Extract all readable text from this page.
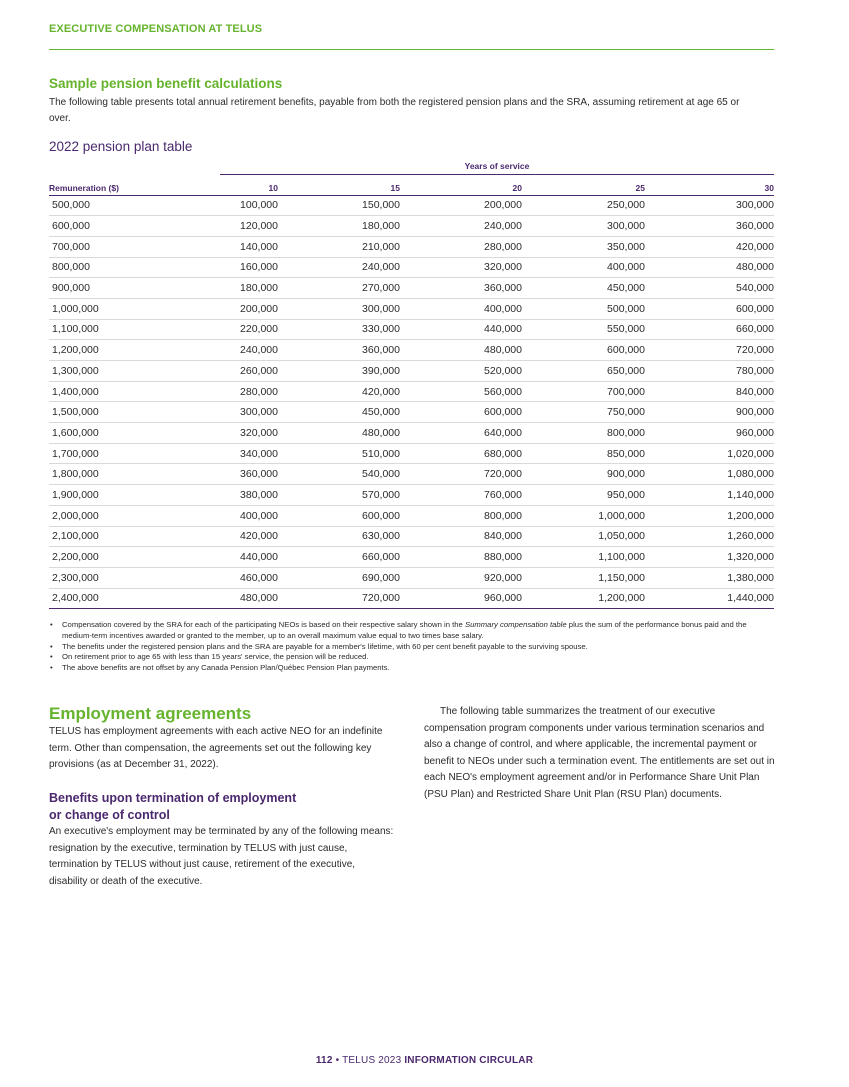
EXECUTIVE COMPENSATION AT TELUS
Sample pension benefit calculations
The following table presents total annual retirement benefits, payable from both the registered pension plans and the SRA, assuming retirement at age 65 or over.
2022 pension plan table
Years of service
Remuneration ($)	10	15	20	25	30
500,000	100,000	150,000	200,000	250,000	300,000
600,000	120,000	180,000	240,000	300,000	360,000
700,000	140,000	210,000	280,000	350,000	420,000
800,000	160,000	240,000	320,000	400,000	480,000
900,000	180,000	270,000	360,000	450,000	540,000
1,000,000	200,000	300,000	400,000	500,000	600,000
1,100,000	220,000	330,000	440,000	550,000	660,000
1,200,000	240,000	360,000	480,000	600,000	720,000
1,300,000	260,000	390,000	520,000	650,000	780,000
1,400,000	280,000	420,000	560,000	700,000	840,000
1,500,000	300,000	450,000	600,000	750,000	900,000
1,600,000	320,000	480,000	640,000	800,000	960,000
1,700,000	340,000	510,000	680,000	850,000	1,020,000
1,800,000	360,000	540,000	720,000	900,000	1,080,000
1,900,000	380,000	570,000	760,000	950,000	1,140,000
2,000,000	400,000	600,000	800,000	1,000,000	1,200,000
2,100,000	420,000	630,000	840,000	1,050,000	1,260,000
2,200,000	440,000	660,000	880,000	1,100,000	1,320,000
2,300,000	460,000	690,000	920,000	1,150,000	1,380,000
2,400,000	480,000	720,000	960,000	1,200,000	1,440,000
• Compensation covered by the SRA for each of the participating NEOs is based on their respective salary shown in the Summary compensation table plus the sum of the performance bonus paid and the medium-term incentives awarded or granted to the member, up to an overall maximum value equal to two times base salary.
• The benefits under the registered pension plans and the SRA are payable for a member's lifetime, with 60 per cent benefit payable to the surviving spouse.
• On retirement prior to age 65 with less than 15 years' service, the pension will be reduced.
• The above benefits are not offset by any Canada Pension Plan/Québec Pension Plan payments.
Employment agreements
TELUS has employment agreements with each active NEO for an indefinite term. Other than compensation, the agreements set out the following key provisions (as at December 31, 2022).
Benefits upon termination of employment
or change of control
An executive's employment may be terminated by any of the following means: resignation by the executive, termination by TELUS with just cause, termination by TELUS without just cause, retirement of the executive, disability or death of the executive.
The following table summarizes the treatment of our executive compensation program components under various termination scenarios and also a change of control, and where applicable, the incremental payment or benefit to NEOs under such a termination event. The entitlements are set out in each NEO's employment agreement and/or in Performance Share Unit Plan (PSU Plan) and Restricted Share Unit Plan (RSU Plan) documents.
112 • TELUS 2023 INFORMATION CIRCULAR
